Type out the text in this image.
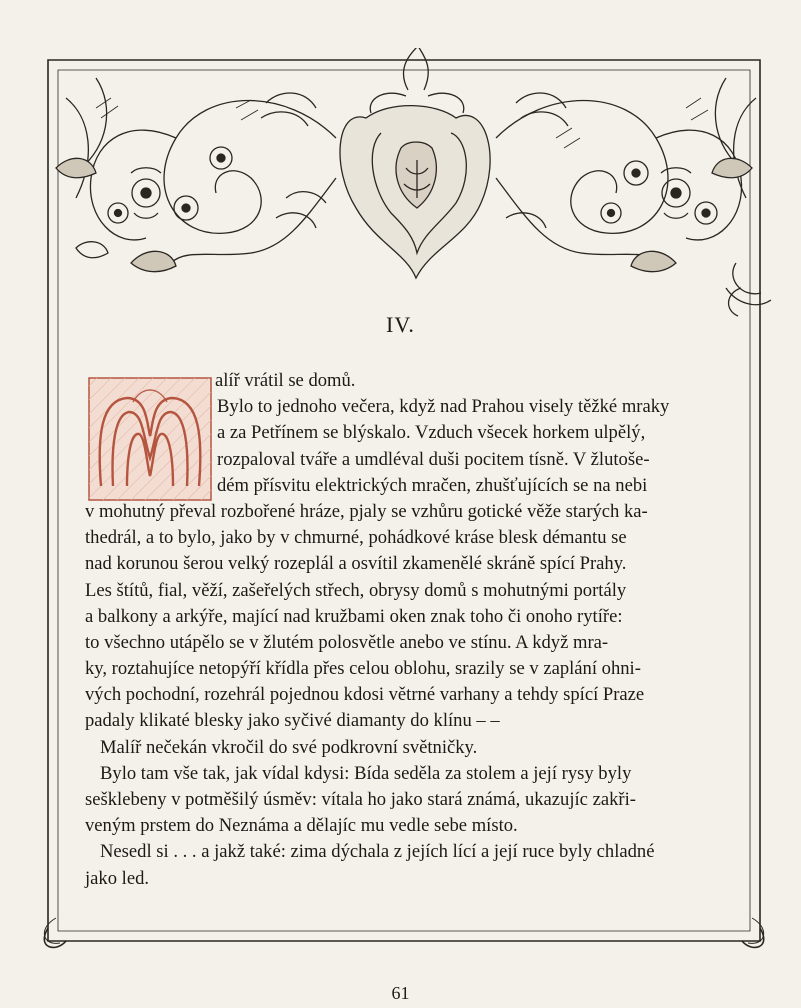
IV.
alíř vrátil se domů.
Bylo to jednoho večera, když nad Prahou visely těžké mraky
a za Petřínem se blýskalo. Vzduch všecek horkem ulpělý,
rozpaloval tváře a umdléval duši pocitem tísně. V žlutoše-
dém přísvitu elektrických mračen, zhušťujících se na nebi
v mohutný převal rozbořené hráze, pjaly se vzhůru gotické věže starých ka-
thedrál, a to bylo, jako by v chmurné, pohádkové kráse blesk démantu se
nad korunou šerou velký rozeplál a osvítil zkamenělé skráně spící Prahy.
Les štítů, fial, věží, zašeřelých střech, obrysy domů s mohutnými portály
a balkony a arkýře, mající nad kružbami oken znak toho či onoho rytíře:
to všechno utápělo se v žlutém polosvětle anebo ve stínu. A když mra-
ky, roztahujíce netopýří křídla přes celou oblohu, srazily se v zaplání ohni-
vých pochodní, rozehrál pojednou kdosi větrné varhany a tehdy spící Praze
padaly klikaté blesky jako syčivé diamanty do klínu – –
Malíř nečekán vkročil do své podkrovní světničky.
Bylo tam vše tak, jak vídal kdysi: Bída seděla za stolem a její rysy byly
sešklebeny v potměšilý úsměv: vítala ho jako stará známá, ukazujíc zakři-
veným prstem do Neznáma a dělajíc mu vedle sebe místo.
Nesedl si . . . a jakž také: zima dýchala z jejích lící a její ruce byly chladné
jako led.
61
